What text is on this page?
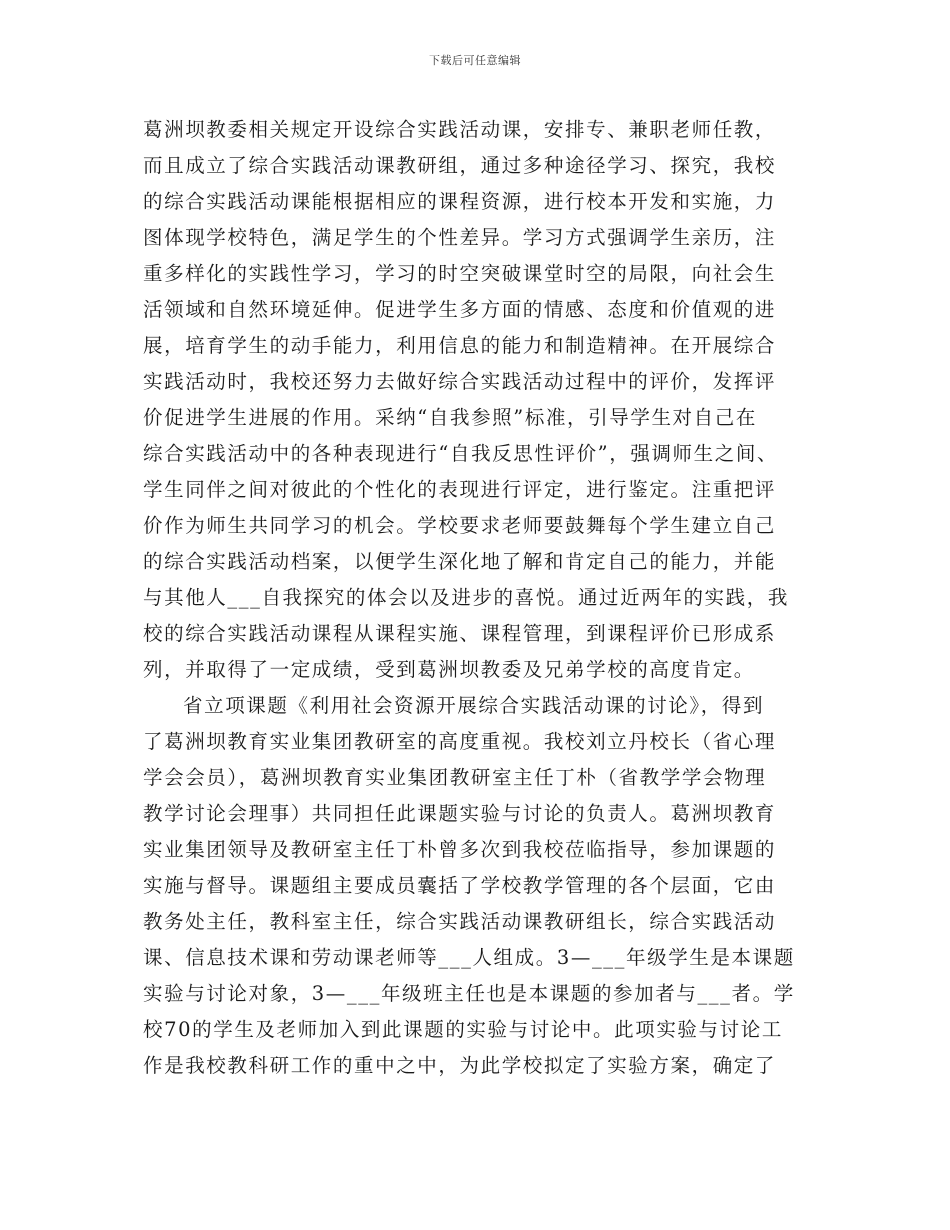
下载后可任意编辑
葛洲坝教委相关规定开设综合实践活动课，安排专、兼职老师任教，
而且成立了综合实践活动课教研组，通过多种途径学习、探究，我校
的综合实践活动课能根据相应的课程资源，进行校本开发和实施，力
图体现学校特色，满足学生的个性差异。学习方式强调学生亲历，注
重多样化的实践性学习，学习的时空突破课堂时空的局限，向社会生
活领域和自然环境延伸。促进学生多方面的情感、态度和价值观的进
展，培育学生的动手能力，利用信息的能力和制造精神。在开展综合
实践活动时，我校还努力去做好综合实践活动过程中的评价，发挥评
价促进学生进展的作用。采纳“自我参照”标准，引导学生对自己在
综合实践活动中的各种表现进行“自我反思性评价”，强调师生之间、
学生同伴之间对彼此的个性化的表现进行评定，进行鉴定。注重把评
价作为师生共同学习的机会。学校要求老师要鼓舞每个学生建立自己
的综合实践活动档案，以便学生深化地了解和肯定自己的能力，并能
与其他人___自我探究的体会以及进步的喜悦。通过近两年的实践，我
校的综合实践活动课程从课程实施、课程管理，到课程评价已形成系
列，并取得了一定成绩，受到葛洲坝教委及兄弟学校的高度肯定。
省立项课题《利用社会资源开展综合实践活动课的讨论》，得到
了葛洲坝教育实业集团教研室的高度重视。我校刘立丹校长（省心理
学会会员），葛洲坝教育实业集团教研室主任丁朴（省教学学会物理
教学讨论会理事）共同担任此课题实验与讨论的负责人。葛洲坝教育
实业集团领导及教研室主任丁朴曾多次到我校莅临指导，参加课题的
实施与督导。课题组主要成员囊括了学校教学管理的各个层面，它由
教务处主任，教科室主任，综合实践活动课教研组长，综合实践活动
课、信息技术课和劳动课老师等___人组成。3—___年级学生是本课题
实验与讨论对象，3—___年级班主任也是本课题的参加者与___者。学
校70的学生及老师加入到此课题的实验与讨论中。此项实验与讨论工
作是我校教科研工作的重中之中，为此学校拟定了实验方案，确定了
